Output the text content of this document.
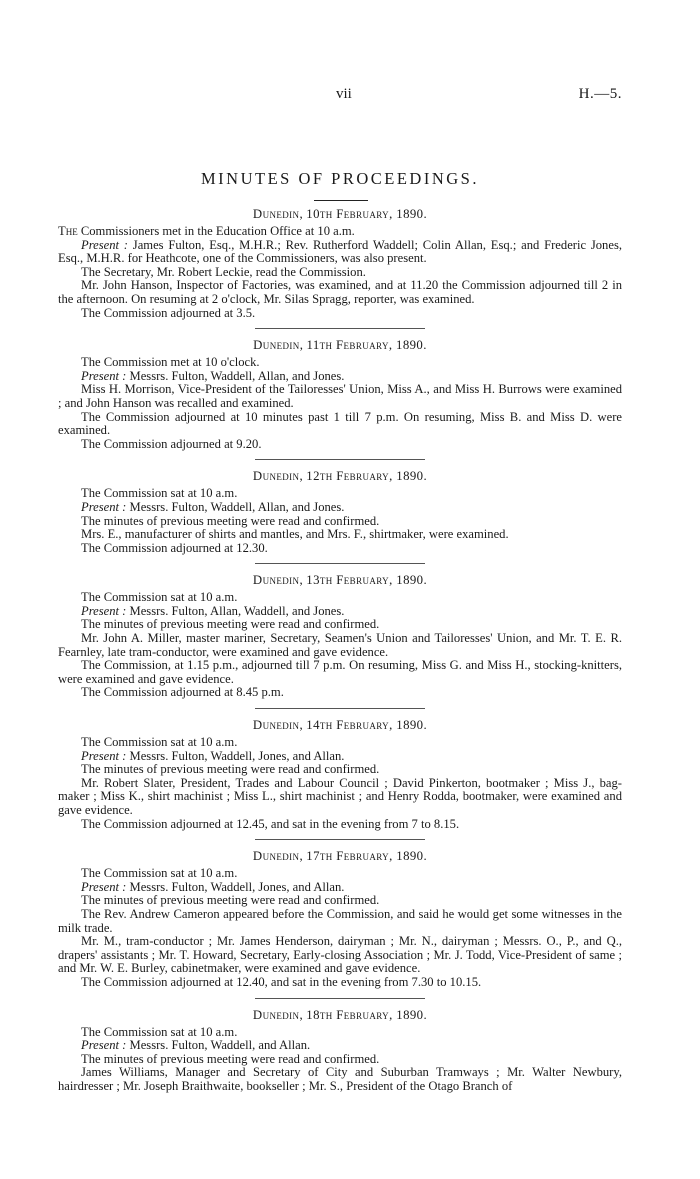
vii	H.—5.
MINUTES OF PROCEEDINGS.
Dunedin, 10th February, 1890.

The Commissioners met in the Education Office at 10 a.m.

Present : James Fulton, Esq., M.H.R.; Rev. Rutherford Waddell; Colin Allan, Esq.; and Frederic Jones, Esq., M.H.R. for Heathcote, one of the Commissioners, was also present.

The Secretary, Mr. Robert Leckie, read the Commission.

Mr. John Hanson, Inspector of Factories, was examined, and at 11.20 the Commission adjourned till 2 in the afternoon. On resuming at 2 o'clock, Mr. Silas Spragg, reporter, was examined.

The Commission adjourned at 3.5.

Dunedin, 11th February, 1890.

The Commission met at 10 o'clock.

Present : Messrs. Fulton, Waddell, Allan, and Jones.

Miss H. Morrison, Vice-President of the Tailoresses' Union, Miss A., and Miss H. Burrows were examined ; and John Hanson was recalled and examined.

The Commission adjourned at 10 minutes past 1 till 7 p.m. On resuming, Miss B. and Miss D. were examined.

The Commission adjourned at 9.20.

Dunedin, 12th February, 1890.

The Commission sat at 10 a.m.

Present : Messrs. Fulton, Waddell, Allan, and Jones.

The minutes of previous meeting were read and confirmed.

Mrs. E., manufacturer of shirts and mantles, and Mrs. F., shirtmaker, were examined.

The Commission adjourned at 12.30.

Dunedin, 13th February, 1890.

The Commission sat at 10 a.m.

Present : Messrs. Fulton, Allan, Waddell, and Jones.

The minutes of previous meeting were read and confirmed.

Mr. John A. Miller, master mariner, Secretary, Seamen's Union and Tailoresses' Union, and Mr. T. E. R. Fearnley, late tram-conductor, were examined and gave evidence.

The Commission, at 1.15 p.m., adjourned till 7 p.m. On resuming, Miss G. and Miss H., stocking-knitters, were examined and gave evidence.

The Commission adjourned at 8.45 p.m.

Dunedin, 14th February, 1890.

The Commission sat at 10 a.m.

Present : Messrs. Fulton, Waddell, Jones, and Allan.

The minutes of previous meeting were read and confirmed.

Mr. Robert Slater, President, Trades and Labour Council ; David Pinkerton, bootmaker ; Miss J., bag-maker ; Miss K., shirt machinist ; Miss L., shirt machinist ; and Henry Rodda, bootmaker, were examined and gave evidence.

The Commission adjourned at 12.45, and sat in the evening from 7 to 8.15.

Dunedin, 17th February, 1890.

The Commission sat at 10 a.m.

Present : Messrs. Fulton, Waddell, Jones, and Allan.

The minutes of previous meeting were read and confirmed.

The Rev. Andrew Cameron appeared before the Commission, and said he would get some witnesses in the milk trade.

Mr. M., tram-conductor ; Mr. James Henderson, dairyman ; Mr. N., dairyman ; Messrs. O., P., and Q., drapers' assistants ; Mr. T. Howard, Secretary, Early-closing Association ; Mr. J. Todd, Vice-President of same ; and Mr. W. E. Burley, cabinetmaker, were examined and gave evidence.

The Commission adjourned at 12.40, and sat in the evening from 7.30 to 10.15.

Dunedin, 18th February, 1890.

The Commission sat at 10 a.m.

Present : Messrs. Fulton, Waddell, and Allan.

The minutes of previous meeting were read and confirmed.

James Williams, Manager and Secretary of City and Suburban Tramways ; Mr. Walter Newbury, hairdresser ; Mr. Joseph Braithwaite, bookseller ; Mr. S., President of the Otago Branch of
